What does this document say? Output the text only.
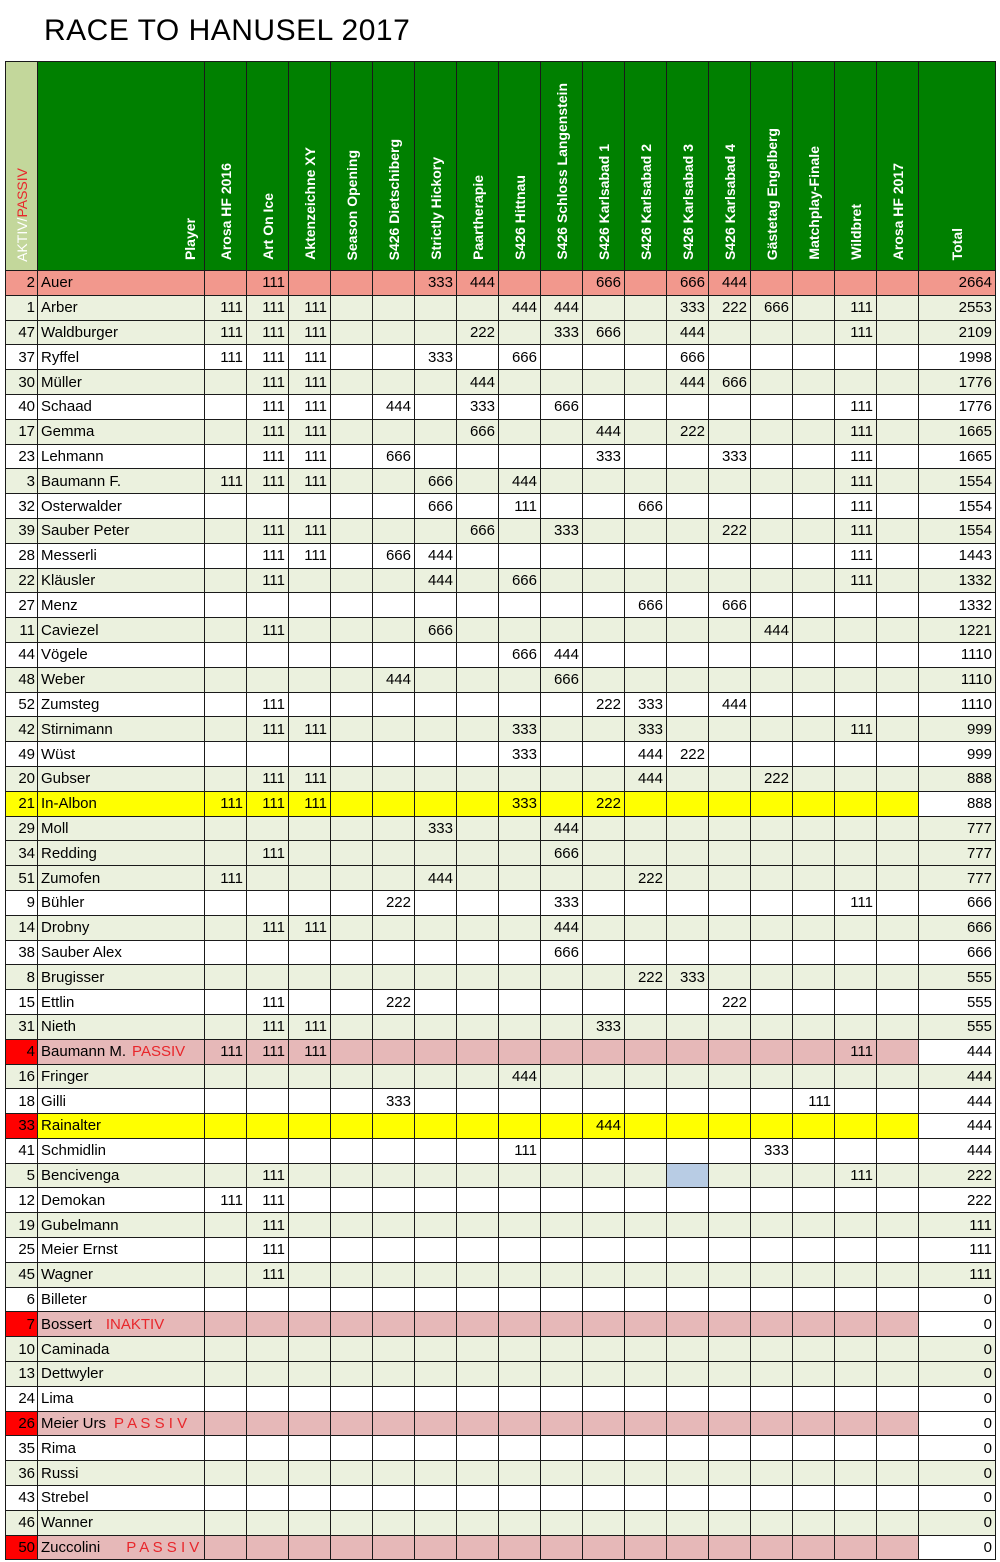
RACE TO HANUSEL 2017
AKTIV/PASSIV	Player	Arosa HF 2016	Art On Ice	Aktenzeichne XY	Season Opening	S426 Dietschiberg	Strictly Hickory	Paartherapie	S426 Hittnau	S426 Schloss Langenstein	S426 Karlsabad 1	S426 Karlsabad 2	S426 Karlsabad 3	S426 Karlsabad 4	Gästetag Engelberg	Matchplay-Finale	Wildbret	Arosa HF 2017	Total
2	Auer		111				333	444			666		666	444					2664
1	Arber	111	111	111					444	444			333	222	666		111		2553
47	Waldburger	111	111	111				222		333	666		444				111		2109
37	Ryffel	111	111	111			333		666				666						1998
30	Müller		111	111				444					444	666					1776
40	Schaad		111	111		444		333		666							111		1776
17	Gemma		111	111				666			444		222				111		1665
23	Lehmann		111	111		666					333			333			111		1665
3	Baumann F.	111	111	111			666		444								111		1554
32	Osterwalder						666		111			666					111		1554
39	Sauber Peter		111	111				666		333				222			111		1554
28	Messerli		111	111		666	444										111		1443
22	Kläusler		111				444		666								111		1332
27	Menz											666		666					1332
11	Caviezel		111				666								444				1221
44	Vögele								666	444									1110
48	Weber					444				666									1110
52	Zumsteg		111								222	333		444					1110
42	Stirnimann		111	111					333			333					111		999
49	Wüst								333			444	222						999
20	Gubser		111	111								444			222				888
21	In-Albon	111	111	111					333		222								888
29	Moll						333			444									777
34	Redding		111							666									777
51	Zumofen	111					444					222							777
9	Bühler					222				333							111		666
14	Drobny		111	111						444									666
38	Sauber Alex									666									666
8	Brugisser											222	333						555
15	Ettlin		111			222								222					555
31	Nieth		111	111							333								555
4	Baumann M. PASSIV	111	111	111													111		444
16	Fringer								444										444
18	Gilli					333										111			444
33	Rainalter										444								444
41	Schmidlin								111						333				444
5	Bencivenga		111														111		222
12	Demokan	111	111																222
19	Gubelmann		111																111
25	Meier Ernst		111																111
45	Wagner		111																111
6	Billeter																		0
7	Bossert INAKTIV																		0
10	Caminada																		0
13	Dettwyler																		0
24	Lima																		0
26	Meier Urs P A S S I V																		0
35	Rima																		0
36	Russi																		0
43	Strebel																		0
46	Wanner																		0
50	Zuccolini P A S S I V																		0
